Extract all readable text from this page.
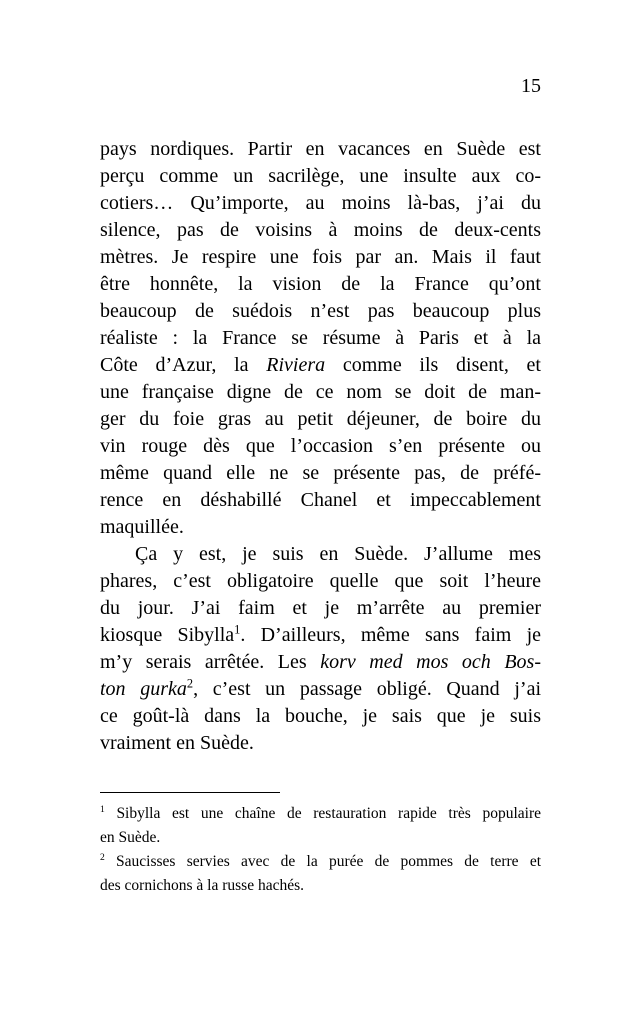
15
pays nordiques. Partir en vacances en Suède est
perçu comme un sacrilège, une insulte aux co-
cotiers… Qu’importe, au moins là-bas, j’ai du
silence, pas de voisins à moins de deux-cents
mètres. Je respire une fois par an. Mais il faut
être honnête, la vision de la France qu’ont
beaucoup de suédois n’est pas beaucoup plus
réaliste : la France se résume à Paris et à la
Côte d’Azur, la Riviera comme ils disent, et
une française digne de ce nom se doit de man-
ger du foie gras au petit déjeuner, de boire du
vin rouge dès que l’occasion s’en présente ou
même quand elle ne se présente pas, de préfé-
rence en déshabillé Chanel et impeccablement
maquillée.
Ça y est, je suis en Suède. J’allume mes
phares, c’est obligatoire quelle que soit l’heure
du jour. J’ai faim et je m’arrête au premier
kiosque Sibylla$^1$. D’ailleurs, même sans faim je
m’y serais arrêtée. Les korv med mos och Bos-
ton gurka$^2$, c’est un passage obligé. Quand j’ai
ce goût-là dans la bouche, je sais que je suis
vraiment en Suède.
$^1$ Sibylla est une chaîne de restauration rapide très populaire
en Suède.
$^2$ Saucisses servies avec de la purée de pommes de terre et
des cornichons à la russe hachés.
